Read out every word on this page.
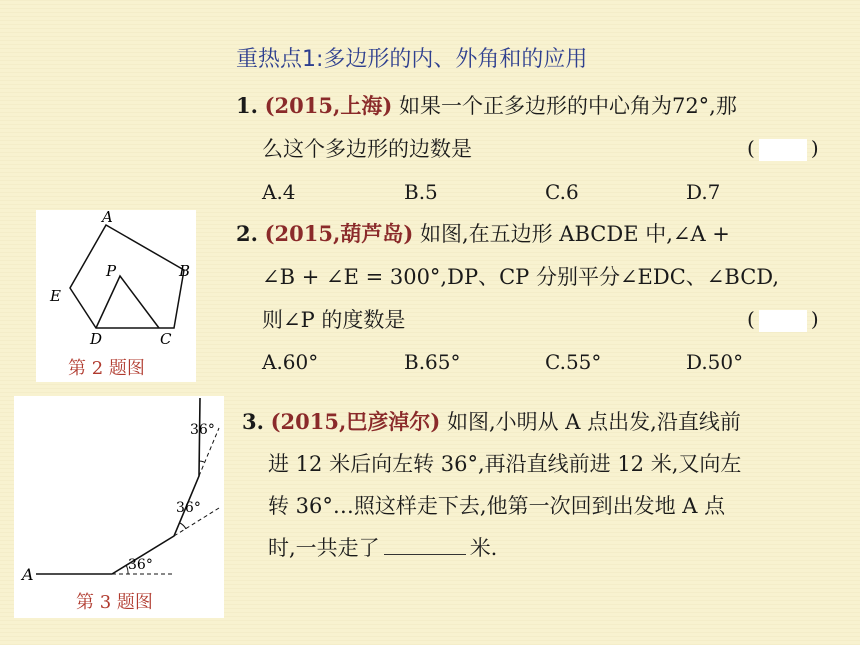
重热点1:多边形的内、外角和的应用
1. (2015,上海) 如果一个正多边形的中心角为72°,那
么这个多边形的边数是	(	)
A.4	B.5	C.6	D.7
A
B
C
D
E
P
第 2 题图
2. (2015,葫芦岛) 如图,在五边形 ABCDE 中,∠A +
∠B + ∠E = 300°,DP、CP 分别平分∠EDC、∠BCD,
则∠P 的度数是	(	)
A.60°	B.65°	C.55°	D.50°
36°
36°
36°
A
第 3 题图
3. (2015,巴彦淖尔) 如图,小明从 A 点出发,沿直线前
进 12 米后向左转 36°,再沿直线前进 12 米,又向左
转 36°…照这样走下去,他第一次回到出发地 A 点
时,一共走了	米.
